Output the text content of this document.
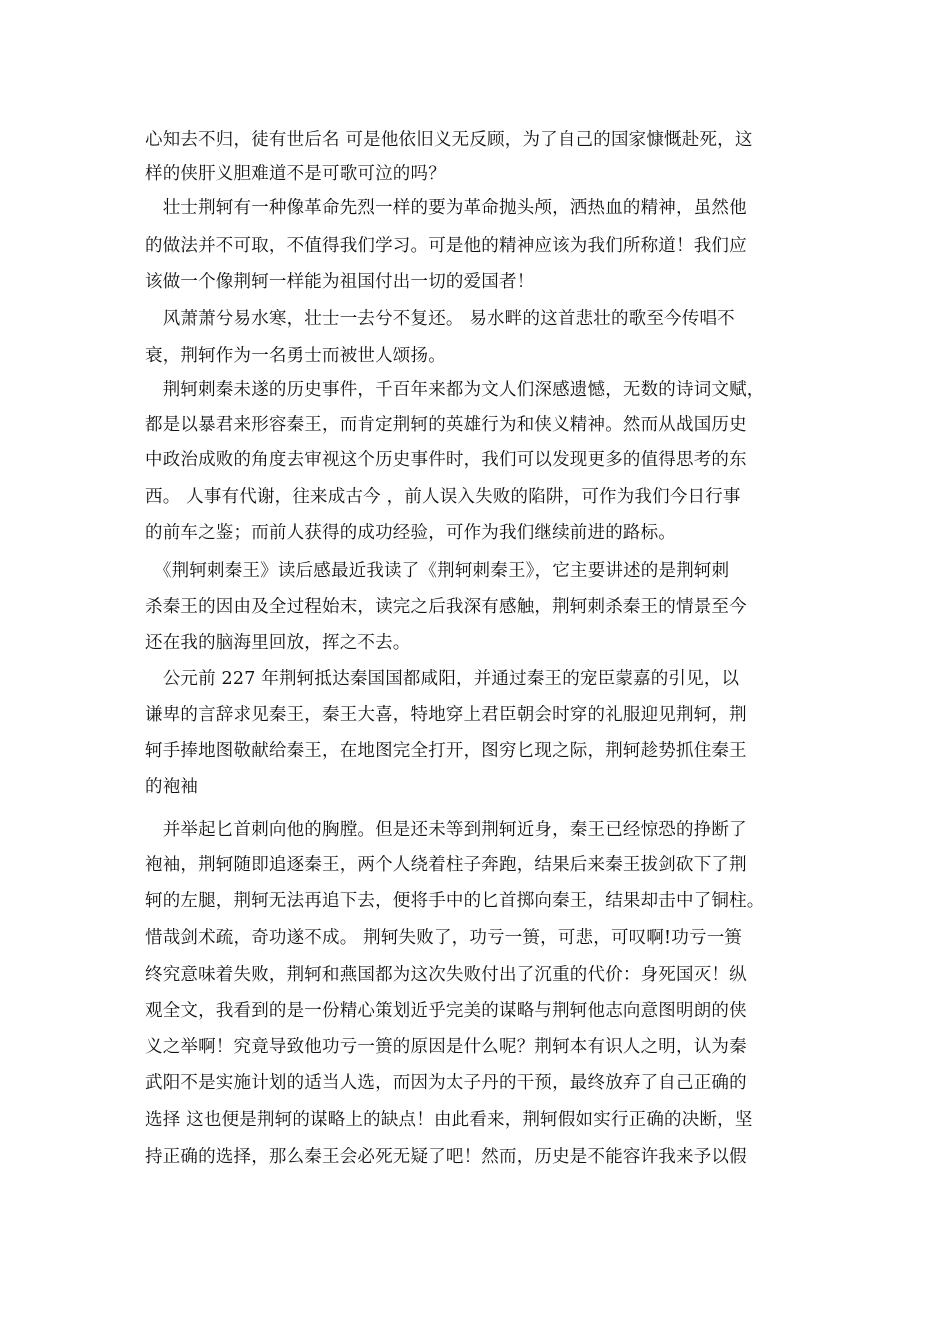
心知去不归，徒有世后名 可是他依旧义无反顾，为了自己的国家慷慨赴死，这
样的侠肝义胆难道不是可歌可泣的吗？
　壮士荆轲有一种像革命先烈一样的要为革命抛头颅，洒热血的精神，虽然他
的做法并不可取，不值得我们学习。可是他的精神应该为我们所称道！我们应
该做一个像荆轲一样能为祖国付出一切的爱国者！
　风萧萧兮易水寒，壮士一去兮不复还。 易水畔的这首悲壮的歌至今传唱不
衰，荆轲作为一名勇士而被世人颂扬。
　荆轲刺秦未遂的历史事件，千百年来都为文人们深感遗憾，无数的诗词文赋，
都是以暴君来形容秦王，而肯定荆轲的英雄行为和侠义精神。然而从战国历史
中政治成败的角度去审视这个历史事件时，我们可以发现更多的值得思考的东
西。 人事有代谢，往来成古今 ，前人误入失败的陷阱，可作为我们今日行事
的前车之鉴；而前人获得的成功经验，可作为我们继续前进的路标。
　《荆轲刺秦王》读后感最近我读了《荆轲刺秦王》，它主要讲述的是荆轲刺
杀秦王的因由及全过程始末，读完之后我深有感触，荆轲刺杀秦王的情景至今
还在我的脑海里回放，挥之不去。
　公元前 227 年荆轲抵达秦国国都咸阳，并通过秦王的宠臣蒙嘉的引见，以
谦卑的言辞求见秦王，秦王大喜，特地穿上君臣朝会时穿的礼服迎见荆轲，荆
轲手捧地图敬献给秦王，在地图完全打开，图穷匕现之际，荆轲趁势抓住秦王
的袍袖
　并举起匕首刺向他的胸膛。但是还未等到荆轲近身，秦王已经惊恐的挣断了
袍袖，荆轲随即追逐秦王，两个人绕着柱子奔跑，结果后来秦王拔剑砍下了荆
轲的左腿，荆轲无法再追下去，便将手中的匕首掷向秦王，结果却击中了铜柱。
惜哉剑术疏，奇功遂不成。 荆轲失败了，功亏一篑，可悲，可叹啊!功亏一篑
终究意味着失败，荆轲和燕国都为这次失败付出了沉重的代价：身死国灭！纵
观全文，我看到的是一份精心策划近乎完美的谋略与荆轲他志向意图明朗的侠
义之举啊！究竟导致他功亏一篑的原因是什么呢？荆轲本有识人之明，认为秦
武阳不是实施计划的适当人选，而因为太子丹的干预，最终放弃了自己正确的
选择 这也便是荆轲的谋略上的缺点！由此看来，荆轲假如实行正确的决断，坚
持正确的选择，那么秦王会必死无疑了吧！然而，历史是不能容许我来予以假
